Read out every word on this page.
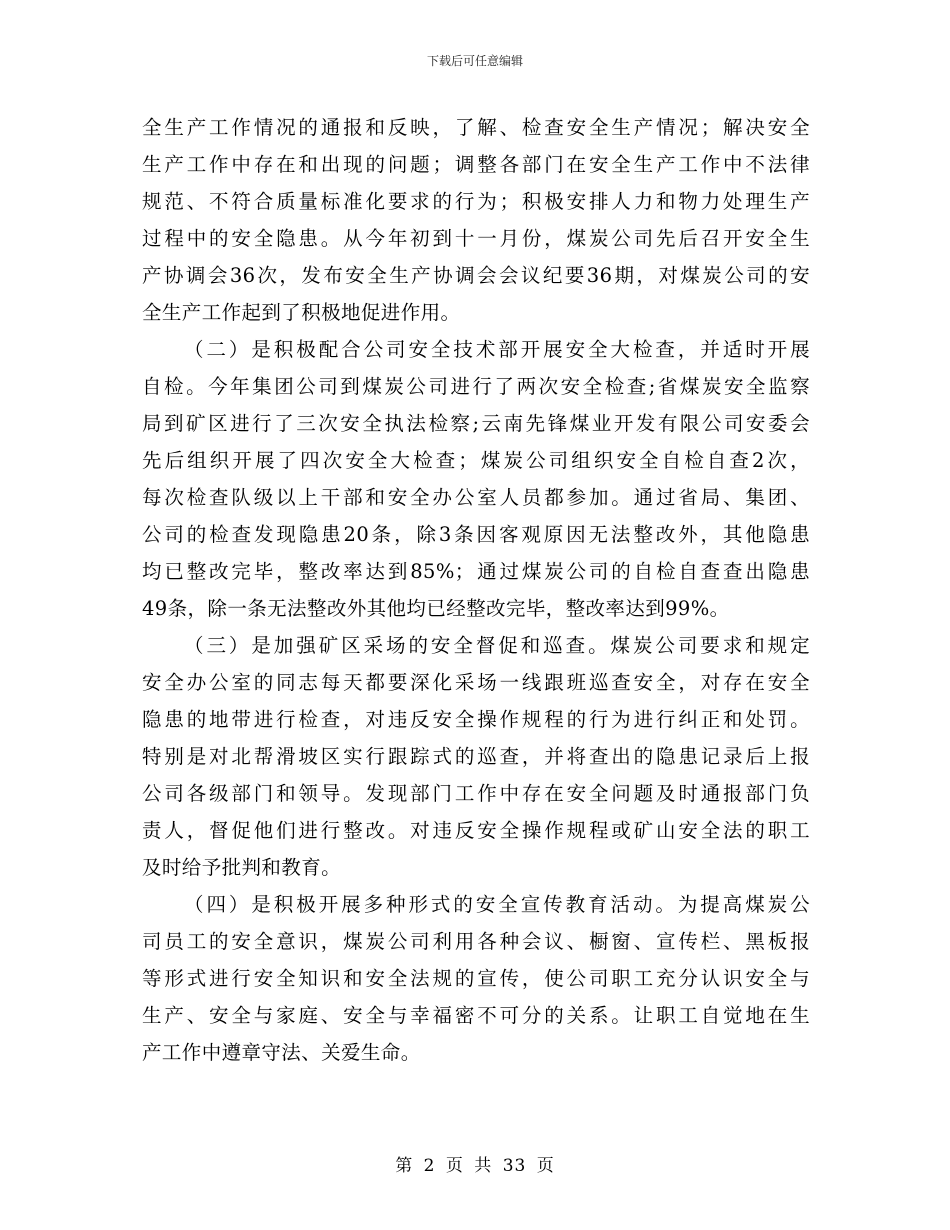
下载后可任意编辑
全生产工作情况的通报和反映，了解、检查安全生产情况；解决安全
生产工作中存在和出现的问题；调整各部门在安全生产工作中不法律
规范、不符合质量标准化要求的行为；积极安排人力和物力处理生产
过程中的安全隐患。从今年初到十一月份，煤炭公司先后召开安全生
产协调会36次，发布安全生产协调会会议纪要36期，对煤炭公司的安
全生产工作起到了积极地促进作用。
（二）是积极配合公司安全技术部开展安全大检查，并适时开展
自检。今年集团公司到煤炭公司进行了两次安全检查;省煤炭安全监察
局到矿区进行了三次安全执法检察;云南先锋煤业开发有限公司安委会
先后组织开展了四次安全大检查；煤炭公司组织安全自检自查2次，
每次检查队级以上干部和安全办公室人员都参加。通过省局、集团、
公司的检查发现隐患20条，除3条因客观原因无法整改外，其他隐患
均已整改完毕，整改率达到85%；通过煤炭公司的自检自查查出隐患
49条，除一条无法整改外其他均已经整改完毕，整改率达到99%。
（三）是加强矿区采场的安全督促和巡查。煤炭公司要求和规定
安全办公室的同志每天都要深化采场一线跟班巡查安全，对存在安全
隐患的地带进行检查，对违反安全操作规程的行为进行纠正和处罚。
特别是对北帮滑坡区实行跟踪式的巡查，并将查出的隐患记录后上报
公司各级部门和领导。发现部门工作中存在安全问题及时通报部门负
责人，督促他们进行整改。对违反安全操作规程或矿山安全法的职工
及时给予批判和教育。
（四）是积极开展多种形式的安全宣传教育活动。为提高煤炭公
司员工的安全意识，煤炭公司利用各种会议、橱窗、宣传栏、黑板报
等形式进行安全知识和安全法规的宣传，使公司职工充分认识安全与
生产、安全与家庭、安全与幸福密不可分的关系。让职工自觉地在生
产工作中遵章守法、关爱生命。
第 2 页 共 33 页
